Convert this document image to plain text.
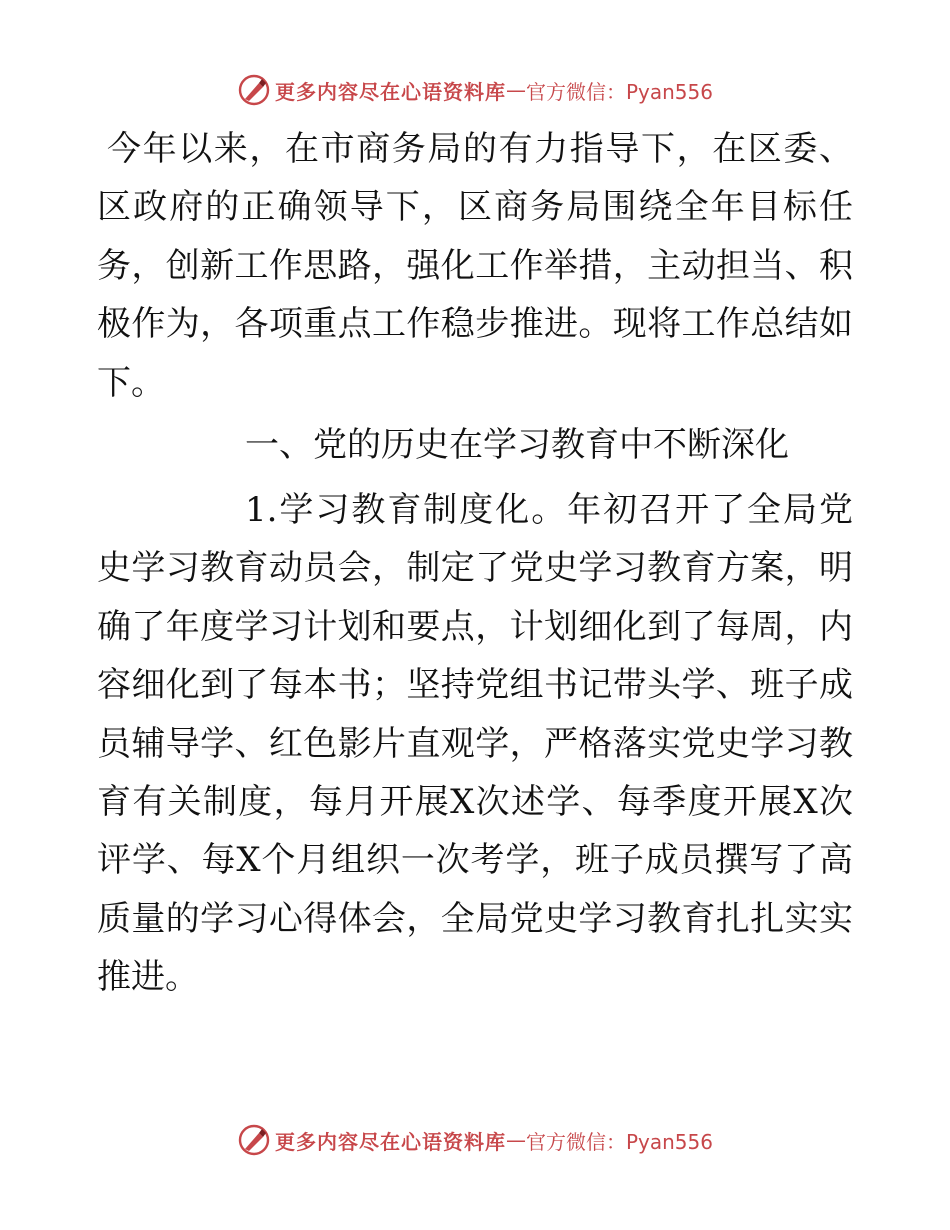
更多内容尽在心语资料库 — 官方微信：Pyan556

今年以来，在市商务局的有力指导下，在区委、区政府的正确领导下，区商务局围绕全年目标任务，创新工作思路，强化工作举措，主动担当、积极作为，各项重点工作稳步推进。现将工作总结如下。

一、党的历史在学习教育中不断深化

1.学习教育制度化。年初召开了全局党史学习教育动员会，制定了党史学习教育方案，明确了年度学习计划和要点，计划细化到了每周，内容细化到了每本书；坚持党组书记带头学、班子成员辅导学、红色影片直观学，严格落实党史学习教育有关制度，每月开展X次述学、每季度开展X次评学、每X个月组织一次考学，班子成员撰写了高质量的学习心得体会，全局党史学习教育扎扎实实推进。

更多内容尽在心语资料库 — 官方微信：Pyan556
